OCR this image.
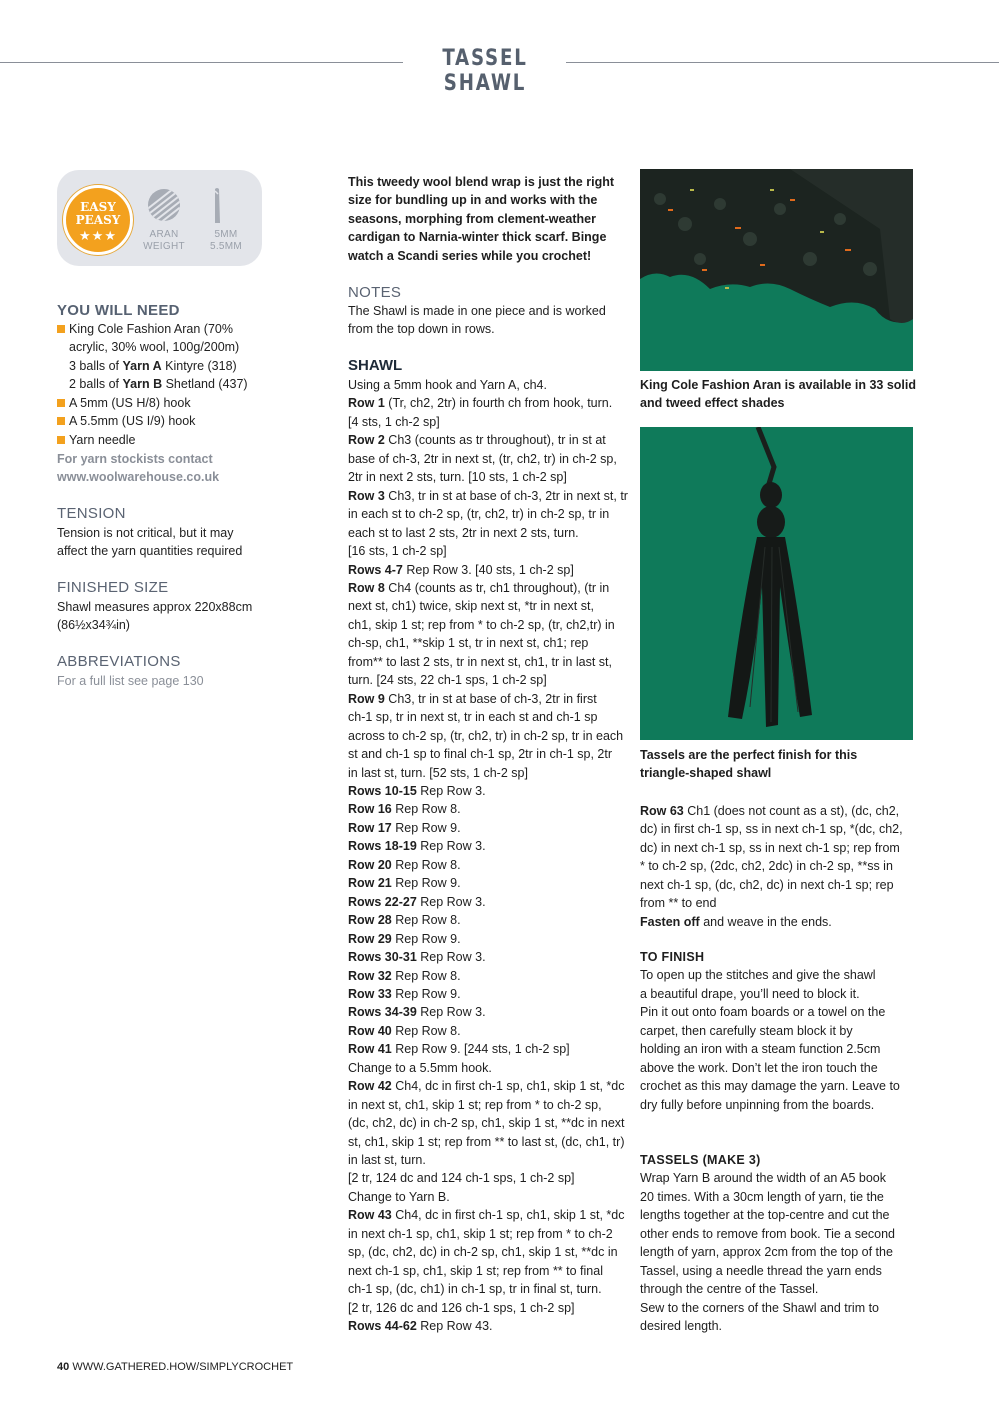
TASSEL SHAWL
EASY
PEASY
★★★	ARAN
WEIGHT
5MM
5.5MM
YOU WILL NEED
King Cole Fashion Aran (70%
acrylic, 30% wool, 100g/200m)
3 balls of Yarn A Kintyre (318)
2 balls of Yarn B Shetland (437)
A 5mm (US H/8) hook
A 5.5mm (US I/9) hook
Yarn needle
For yarn stockists contact
www.woolwarehouse.co.uk
TENSION
Tension is not critical, but it may
affect the yarn quantities required
FINISHED SIZE
Shawl measures approx 220x88cm
(86½x34¾in)
ABBREVIATIONS
For a full list see page 130

This tweedy wool blend wrap is just the right

size for bundling up in and works with the

seasons, morphing from clement-weather

cardigan to Narnia-winter thick scarf. Binge

watch a Scandi series while you crochet!

NOTES

The Shawl is made in one piece and is worked

from the top down in rows.

SHAWL

Using a 5mm hook and Yarn A, ch4.

Row 1 (Tr, ch2, 2tr) in fourth ch from hook, turn.

[4 sts, 1 ch-2 sp]

Row 2 Ch3 (counts as tr throughout), tr in st at

base of ch-3, 2tr in next st, (tr, ch2, tr) in ch-2 sp,

2tr in next 2 sts, turn. [10 sts, 1 ch-2 sp]

Row 3 Ch3, tr in st at base of ch-3, 2tr in next st, tr

in each st to ch-2 sp, (tr, ch2, tr) in ch-2 sp, tr in

each st to last 2 sts, 2tr in next 2 sts, turn.

[16 sts, 1 ch-2 sp]

Rows 4-7 Rep Row 3. [40 sts, 1 ch-2 sp]

Row 8 Ch4 (counts as tr, ch1 throughout), (tr in

next st, ch1) twice, skip next st, *tr in next st,

ch1, skip 1 st; rep from * to ch-2 sp, (tr, ch2,tr) in

ch-sp, ch1, **skip 1 st, tr in next st, ch1; rep

from** to last 2 sts, tr in next st, ch1, tr in last st,

turn. [24 sts, 22 ch-1 sps, 1 ch-2 sp]

Row 9 Ch3, tr in st at base of ch-3, 2tr in first

ch-1 sp, tr in next st, tr in each st and ch-1 sp

across to ch-2 sp, (tr, ch2, tr) in ch-2 sp, tr in each

st and ch-1 sp to final ch-1 sp, 2tr in ch-1 sp, 2tr

in last st, turn. [52 sts, 1 ch-2 sp]

Rows 10-15 Rep Row 3.

Row 16 Rep Row 8.

Row 17 Rep Row 9.

Rows 18-19 Rep Row 3.

Row 20 Rep Row 8.

Row 21 Rep Row 9.

Rows 22-27 Rep Row 3.

Row 28 Rep Row 8.

Row 29 Rep Row 9.

Rows 30-31 Rep Row 3.

Row 32 Rep Row 8.

Row 33 Rep Row 9.

Rows 34-39 Rep Row 3.

Row 40 Rep Row 8.

Row 41 Rep Row 9. [244 sts, 1 ch-2 sp]

Change to a 5.5mm hook.

Row 42 Ch4, dc in first ch-1 sp, ch1, skip 1 st, *dc

in next st, ch1, skip 1 st; rep from * to ch-2 sp,

(dc, ch2, dc) in ch-2 sp, ch1, skip 1 st, **dc in next

st, ch1, skip 1 st; rep from ** to last st, (dc, ch1, tr)

in last st, turn.

[2 tr, 124 dc and 124 ch-1 sps, 1 ch-2 sp]

Change to Yarn B.

Row 43 Ch4, dc in first ch-1 sp, ch1, skip 1 st, *dc

in next ch-1 sp, ch1, skip 1 st; rep from * to ch-2

sp, (dc, ch2, dc) in ch-2 sp, ch1, skip 1 st, **dc in

next ch-1 sp, ch1, skip 1 st; rep from ** to final

ch-1 sp, (dc, ch1) in ch-1 sp, tr in final st, turn.

[2 tr, 126 dc and 126 ch-1 sps, 1 ch-2 sp]

Rows 44-62 Rep Row 43.

King Cole Fashion Aran is available in 33 solid
and tweed effect shades
Tassels are the perfect finish for this
triangle-shaped shawl

Row 63 Ch1 (does not count as a st), (dc, ch2,

dc) in first ch-1 sp, ss in next ch-1 sp, *(dc, ch2,

dc) in next ch-1 sp, ss in next ch-1 sp; rep from

* to ch-2 sp, (2dc, ch2, 2dc) in ch-2 sp, **ss in

next ch-1 sp, (dc, ch2, dc) in next ch-1 sp; rep

from ** to end

Fasten off and weave in the ends.

TO FINISH

To open up the stitches and give the shawl

a beautiful drape, you’ll need to block it.

Pin it out onto foam boards or a towel on the

carpet, then carefully steam block it by

holding an iron with a steam function 2.5cm

above the work. Don’t let the iron touch the

crochet as this may damage the yarn. Leave to

dry fully before unpinning from the boards.

TASSELS (MAKE 3)

Wrap Yarn B around the width of an A5 book

20 times. With a 30cm length of yarn, tie the

lengths together at the top-centre and cut the

other ends to remove from book. Tie a second

length of yarn, approx 2cm from the top of the

Tassel, using a needle thread the yarn ends

through the centre of the Tassel.

Sew to the corners of the Shawl and trim to

desired length.

40 WWW.GATHERED.HOW/SIMPLYCROCHET
